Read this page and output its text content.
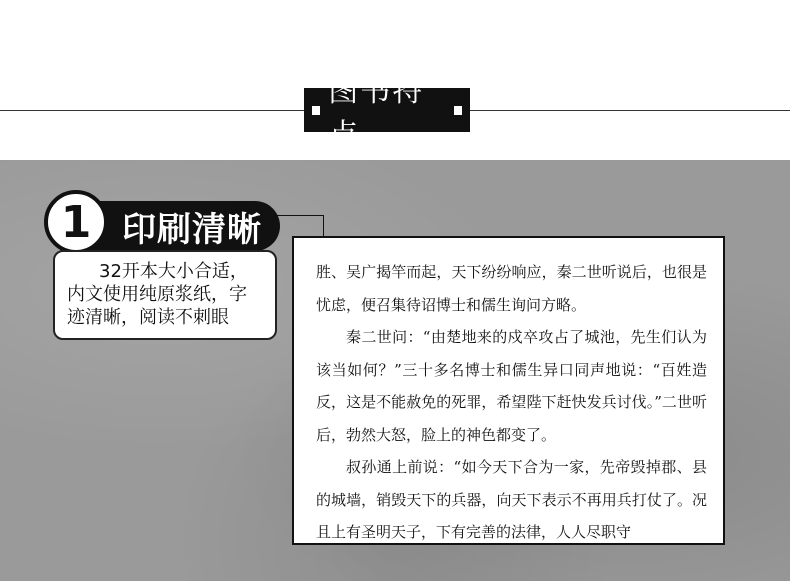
图书特点
印刷清晰
1

32开本大小合适，

内文使用纯原浆纸，字

迹清晰，阅读不刺眼

胜、吴广揭竿而起，天下纷纷响应，秦二世听说后，也很是忧虑，便召集待诏博士和儒生询问方略。

秦二世问：“由楚地来的戍卒攻占了城池，先生们认为该当如何？”三十多名博士和儒生异口同声地说：“百姓造反，这是不能赦免的死罪，希望陛下赶快发兵讨伐。”二世听后，勃然大怒，脸上的神色都变了。

叔孙通上前说：“如今天下合为一家，先帝毁掉郡、县的城墙，销毁天下的兵器，向天下表示不再用兵打仗了。况且上有圣明天子，下有完善的法律，人人尽职守
